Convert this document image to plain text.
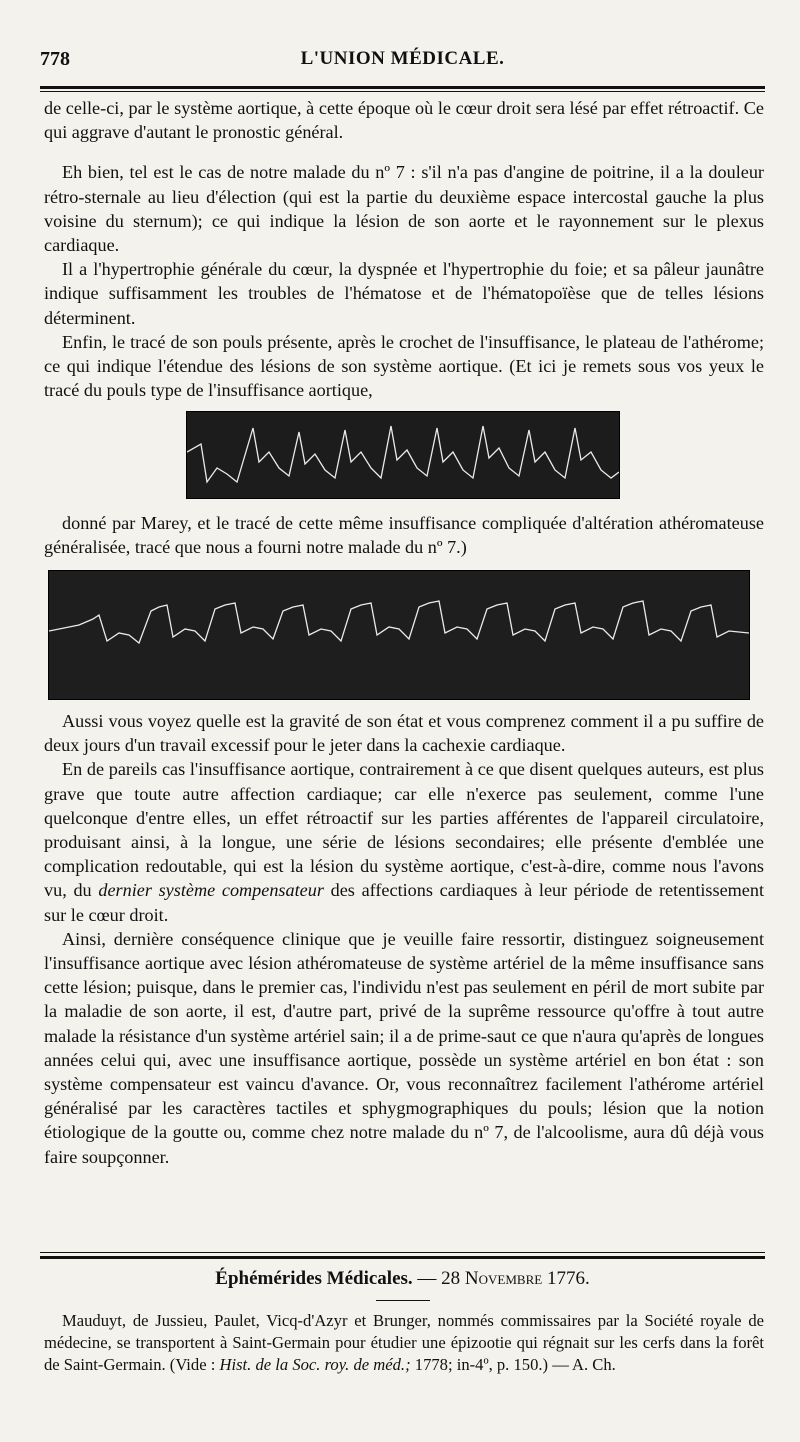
778	L'UNION MÉDICALE.

de celle-ci, par le système aortique, à cette époque où le cœur droit sera lésé par effet rétroactif. Ce qui aggrave d'autant le pronostic général.

Eh bien, tel est le cas de notre malade du nº 7 : s'il n'a pas d'angine de poitrine, il a la douleur rétro-sternale au lieu d'élection (qui est la partie du deuxième espace intercostal gauche la plus voisine du sternum); ce qui indique la lésion de son aorte et le rayonnement sur le plexus cardiaque.

Il a l'hypertrophie générale du cœur, la dyspnée et l'hypertrophie du foie; et sa pâleur jaunâtre indique suffisamment les troubles de l'hématose et de l'hématopoïèse que de telles lésions déterminent.

Enfin, le tracé de son pouls présente, après le crochet de l'insuffisance, le plateau de l'athérome; ce qui indique l'étendue des lésions de son système aortique. (Et ici je remets sous vos yeux le tracé du pouls type de l'insuffisance aortique,

donné par Marey, et le tracé de cette même insuffisance compliquée d'altération athéromateuse généralisée, tracé que nous a fourni notre malade du nº 7.)

Aussi vous voyez quelle est la gravité de son état et vous comprenez comment il a pu suffire de deux jours d'un travail excessif pour le jeter dans la cachexie cardiaque.

En de pareils cas l'insuffisance aortique, contrairement à ce que disent quelques auteurs, est plus grave que toute autre affection cardiaque; car elle n'exerce pas seulement, comme l'une quelconque d'entre elles, un effet rétroactif sur les parties afférentes de l'appareil circulatoire, produisant ainsi, à la longue, une série de lésions secondaires; elle présente d'emblée une complication redoutable, qui est la lésion du système aortique, c'est-à-dire, comme nous l'avons vu, du dernier système compensateur des affections cardiaques à leur période de retentissement sur le cœur droit.

Ainsi, dernière conséquence clinique que je veuille faire ressortir, distinguez soigneusement l'insuffisance aortique avec lésion athéromateuse de système artériel de la même insuffisance sans cette lésion; puisque, dans le premier cas, l'individu n'est pas seulement en péril de mort subite par la maladie de son aorte, il est, d'autre part, privé de la suprême ressource qu'offre à tout autre malade la résistance d'un système artériel sain; il a de prime-saut ce que n'aura qu'après de longues années celui qui, avec une insuffisance aortique, possède un système artériel en bon état : son système compensateur est vaincu d'avance. Or, vous reconnaîtrez facilement l'athérome artériel généralisé par les caractères tactiles et sphygmographiques du pouls; lésion que la notion étiologique de la goutte ou, comme chez notre malade du nº 7, de l'alcoolisme, aura dû déjà vous faire soupçonner.

Éphémérides Médicales. — 28 Novembre 1776.

Mauduyt, de Jussieu, Paulet, Vicq-d'Azyr et Brunger, nommés commissaires par la Société royale de médecine, se transportent à Saint-Germain pour étudier une épizootie qui régnait sur les cerfs dans la forêt de Saint-Germain. (Vide : Hist. de la Soc. roy. de méd.; 1778; in-4º, p. 150.) — A. Ch.
